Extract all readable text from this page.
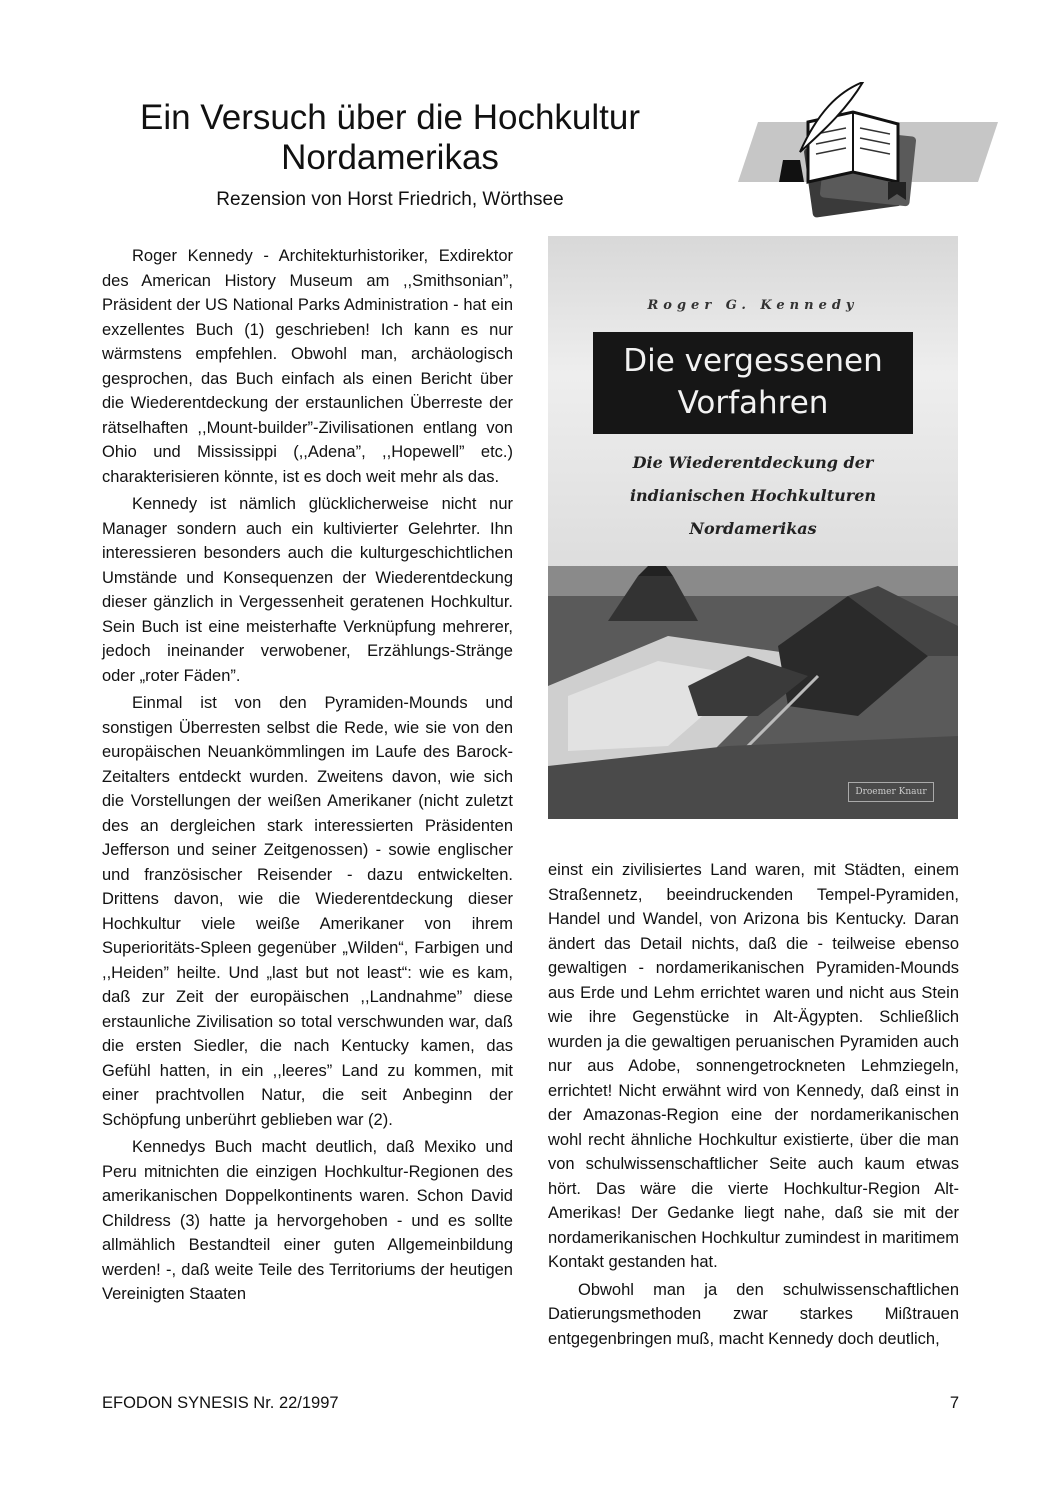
Ein Versuch über die Hochkultur Nordamerikas

Rezension von Horst Friedrich, Wörthsee

Roger Kennedy - Architekturhistoriker, Exdirektor des American History Museum am ,,Smithsonian”, Präsident der US National Parks Administration - hat ein exzellentes Buch (1) geschrieben! Ich kann es nur wärmstens empfehlen. Obwohl man, archäologisch gesprochen, das Buch einfach als einen Bericht über die Wiederentdeckung der erstaunlichen Überreste der rätselhaften ,,Mount-builder”-Zivilisationen entlang von Ohio und Mississippi (,,Adena”, ,,Hopewell” etc.) charakterisieren könnte, ist es doch weit mehr als das.

Kennedy ist nämlich glücklicherweise nicht nur Manager sondern auch ein kultivierter Gelehrter. Ihn interessieren besonders auch die kulturgeschichtlichen Umstände und Konsequenzen der Wiederentdeckung dieser gänzlich in Vergessenheit geratenen Hochkultur. Sein Buch ist eine meisterhafte Verknüpfung mehrerer, jedoch ineinander verwobener, Erzählungs-Stränge oder „roter Fäden”.

Einmal ist von den Pyramiden-Mounds und sonstigen Überresten selbst die Rede, wie sie von den europäischen Neuankömmlingen im Laufe des Barock-Zeitalters entdeckt wurden. Zweitens davon, wie sich die Vorstellungen der weißen Amerikaner (nicht zuletzt des an dergleichen stark interessierten Präsidenten Jefferson und seiner Zeitgenossen) - sowie englischer und französischer Reisender - dazu entwickelten. Drittens davon, wie die Wiederentdeckung dieser Hochkultur viele weiße Amerikaner von ihrem Superioritäts-Spleen gegenüber „Wilden“, Farbigen und ,,Heiden” heilte. Und „last but not least“: wie es kam, daß zur Zeit der europäischen ,,Landnahme” diese erstaunliche Zivilisation so total verschwunden war, daß die ersten Siedler, die nach Kentucky kamen, das Gefühl hatten, in ein ,,leeres” Land zu kommen, mit einer prachtvollen Natur, die seit Anbeginn der Schöpfung unberührt geblieben war (2).

Kennedys Buch macht deutlich, daß Mexiko und Peru mitnichten die einzigen Hochkultur-Regionen des amerikanischen Doppelkontinents waren. Schon David Childress (3) hatte ja hervorgehoben - und es sollte allmählich Bestandteil einer guten Allgemeinbildung werden! -, daß weite Teile des Territoriums der heutigen Vereinigten Staaten

Roger G. Kennedy
Die vergessenen
Vorfahren
Die Wiederentdeckung der
indianischen Hochkulturen
Nordamerikas
Droemer Knaur

einst ein zivilisiertes Land waren, mit Städten, einem Straßennetz, beeindruckenden Tempel-Pyramiden, Handel und Wandel, von Arizona bis Kentucky. Daran ändert das Detail nichts, daß die - teilweise ebenso gewaltigen - nordamerikanischen Pyramiden-Mounds aus Erde und Lehm errichtet waren und nicht aus Stein wie ihre Gegenstücke in Alt-Ägypten. Schließlich wurden ja die gewaltigen peruanischen Pyramiden auch nur aus Adobe, sonnengetrockneten Lehmziegeln, errichtet! Nicht erwähnt wird von Kennedy, daß einst in der Amazonas-Region eine der nordamerikanischen wohl recht ähnliche Hochkultur existierte, über die man von schulwissenschaftlicher Seite auch kaum etwas hört. Das wäre die vierte Hochkultur-Region Alt-Amerikas! Der Gedanke liegt nahe, daß sie mit der nordamerikanischen Hochkultur zumindest in maritimem Kontakt gestanden hat.

Obwohl man ja den schulwissenschaftlichen Datierungsmethoden zwar starkes Mißtrauen entgegenbringen muß, macht Kennedy doch deutlich,

EFODON SYNESIS Nr. 22/1997	7
